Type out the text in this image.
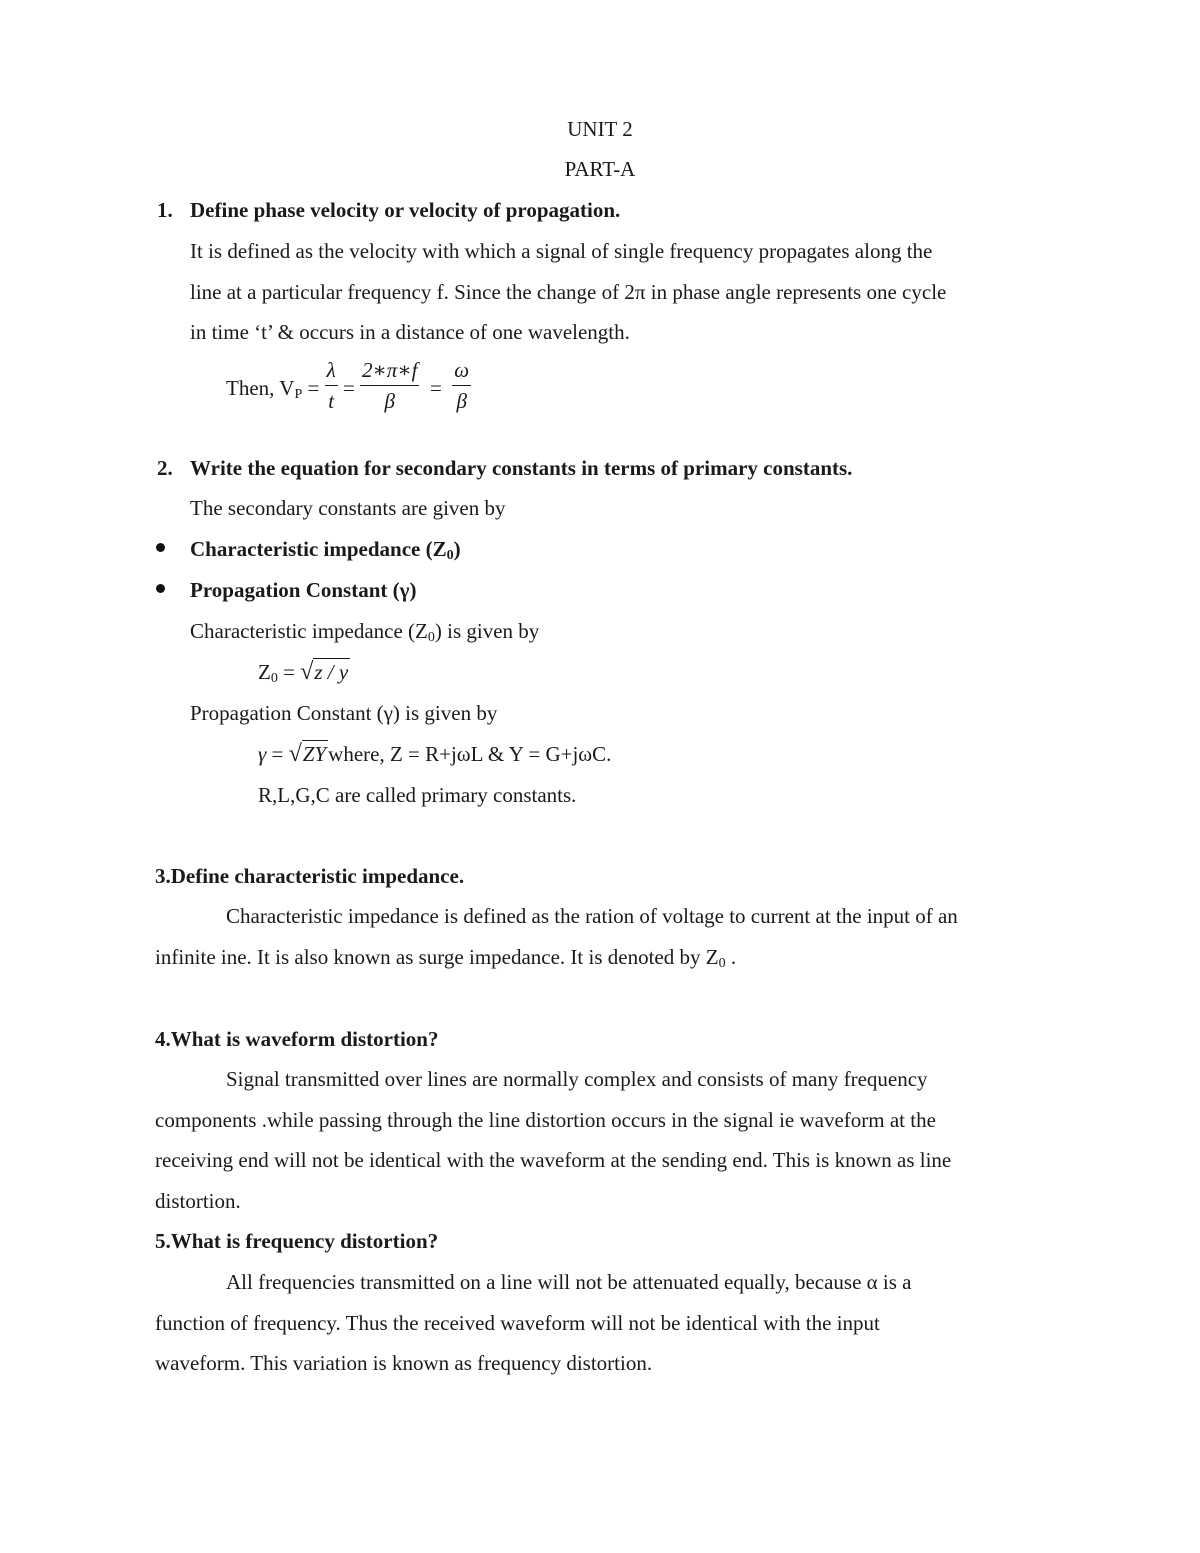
UNIT 2
PART-A
1. Define phase velocity or velocity of propagation.
It is defined as the velocity with which a signal of single frequency propagates along the
line at a particular frequency f. Since the change of 2π in phase angle represents one cycle
in time ‘t’ & occurs in a distance of one wavelength.
Then, $V_P = \frac{\lambda}{t} = \frac{2∗\pi∗f}{\beta} = \frac{\omega}{\beta}$
2. Write the equation for secondary constants in terms of primary constants.
The secondary constants are given by
Characteristic impedance $(Z_0)$
Propagation Constant (γ)
Characteristic impedance $(Z_0)$ is given by
$Z_0 = √z / y$
Propagation Constant (γ) is given by
γ = √ZYwhere, Z = R+jωL & Y = G+jωC.
R,L,G,C are called primary constants.
3.Define characteristic impedance.
Characteristic impedance is defined as the ration of voltage to current at the input of an
infinite ine. It is also known as surge impedance. It is denoted by $Z_0$ .
4.What is waveform distortion?
Signal transmitted over lines are normally complex and consists of many frequency
components .while passing through the line distortion occurs in the signal ie waveform at the
receiving end will not be identical with the waveform at the sending end. This is known as line
distortion.
5.What is frequency distortion?
All frequencies transmitted on a line will not be attenuated equally, because α is a
function of frequency. Thus the received waveform will not be identical with the input
waveform. This variation is known as frequency distortion.
